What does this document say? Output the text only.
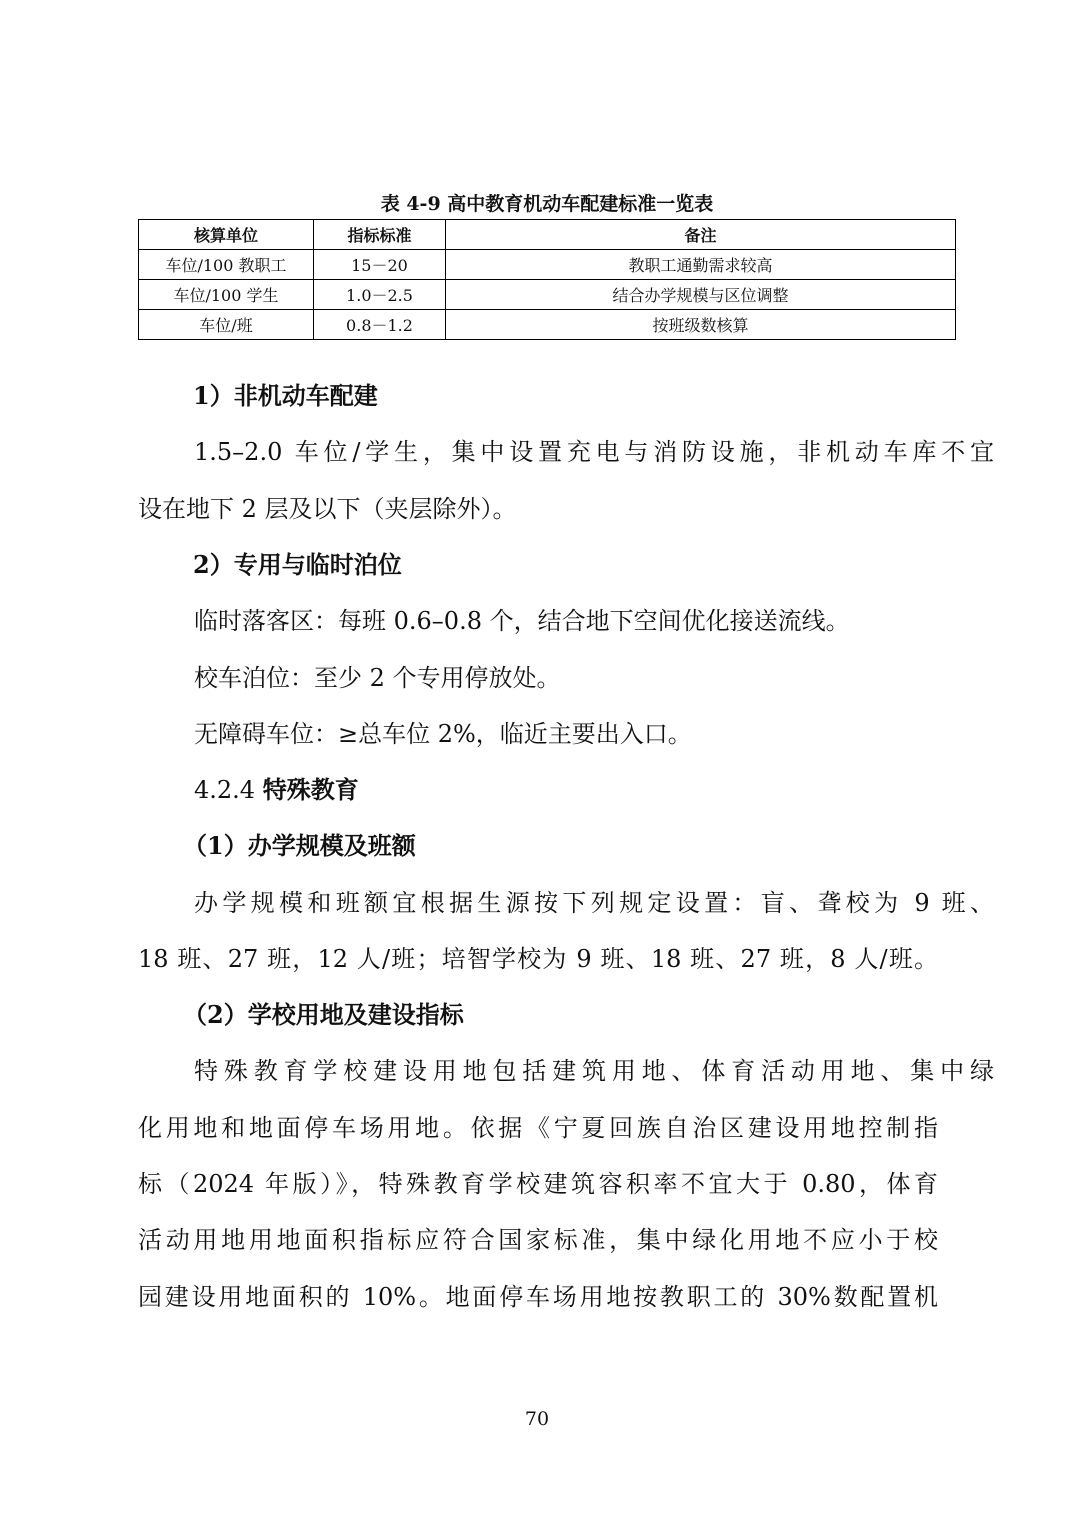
表 4-9 高中教育机动车配建标准一览表
核算单位	指标标准	备注
车位/100 教职工	15－20	教职工通勤需求较高
车位/100 学生	1.0－2.5	结合办学规模与区位调整
车位/班	0.8－1.2	按班级数核算
1）非机动车配建
1.5–2.0 车位/学生，集中设置充电与消防设施，非机动车库不宜
设在地下 2 层及以下（夹层除外）。
2）专用与临时泊位
临时落客区：每班 0.6–0.8 个，结合地下空间优化接送流线。
校车泊位：至少 2 个专用停放处。
无障碍车位：≥总车位 2%，临近主要出入口。
4.2.4 特殊教育
（1）办学规模及班额
办学规模和班额宜根据生源按下列规定设置：盲、聋校为 9 班、
18 班、27 班，12 人/班；培智学校为 9 班、18 班、27 班，8 人/班。
（2）学校用地及建设指标
特殊教育学校建设用地包括建筑用地、体育活动用地、集中绿
化用地和地面停车场用地。依据《宁夏回族自治区建设用地控制指
标（2024 年版）》，特殊教育学校建筑容积率不宜大于 0.80，体育
活动用地用地面积指标应符合国家标准，集中绿化用地不应小于校
园建设用地面积的 10%。地面停车场用地按教职工的 30%数配置机
70
